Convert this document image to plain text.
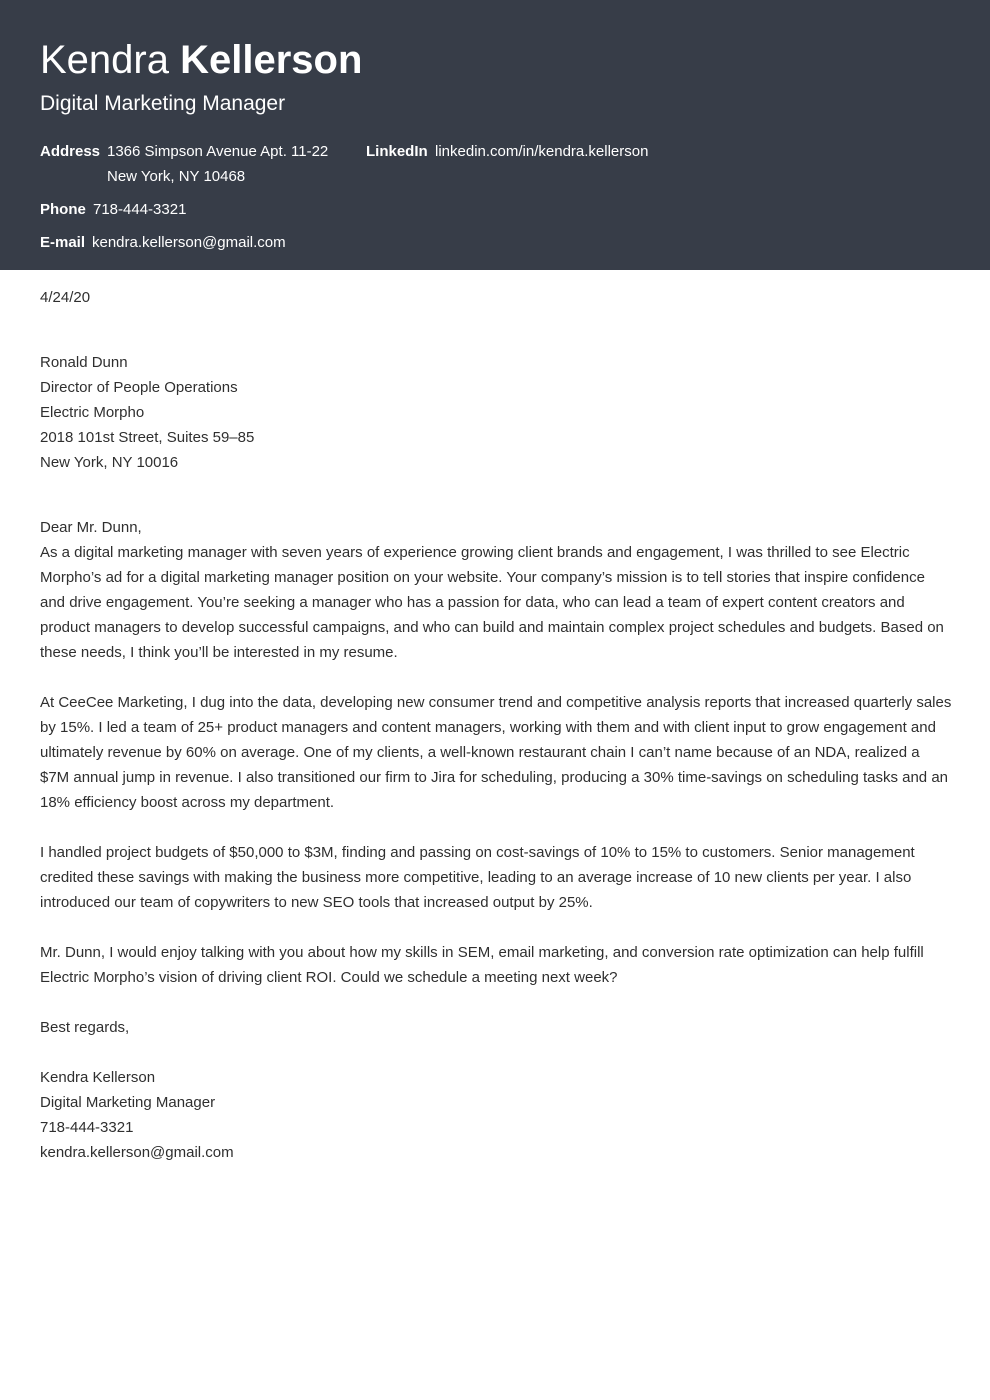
Kendra Kellerson
Digital Marketing Manager
Address 1366 Simpson Avenue Apt. 11-22
New York, NY 10468
LinkedIn linkedin.com/in/kendra.kellerson
Phone 718-444-3321
E-mail kendra.kellerson@gmail.com

4/24/20

Ronald Dunn
Director of People Operations
Electric Morpho
2018 101st Street, Suites 59–85
New York, NY 10016

Dear Mr. Dunn,

As a digital marketing manager with seven years of experience growing client brands and engagement, I was thrilled to see Electric Morpho’s ad for a digital marketing manager position on your website. Your company’s mission is to tell stories that inspire confidence and drive engagement. You’re seeking a manager who has a passion for data, who can lead a team of expert content creators and product managers to develop successful campaigns, and who can build and maintain complex project schedules and budgets. Based on these needs, I think you’ll be interested in my resume.

At CeeCee Marketing, I dug into the data, developing new consumer trend and competitive analysis reports that increased quarterly sales by 15%. I led a team of 25+ product managers and content managers, working with them and with client input to grow engagement and ultimately revenue by 60% on average. One of my clients, a well-known restaurant chain I can’t name because of an NDA, realized a $7M annual jump in revenue. I also transitioned our firm to Jira for scheduling, producing a 30% time-savings on scheduling tasks and an 18% efficiency boost across my department.

I handled project budgets of $50,000 to $3M, finding and passing on cost-savings of 10% to 15% to customers. Senior management credited these savings with making the business more competitive, leading to an average increase of 10 new clients per year. I also introduced our team of copywriters to new SEO tools that increased output by 25%.

Mr. Dunn, I would enjoy talking with you about how my skills in SEM, email marketing, and conversion rate optimization can help fulfill Electric Morpho’s vision of driving client ROI. Could we schedule a meeting next week?

Best regards,

Kendra Kellerson
Digital Marketing Manager
718-444-3321
kendra.kellerson@gmail.com
